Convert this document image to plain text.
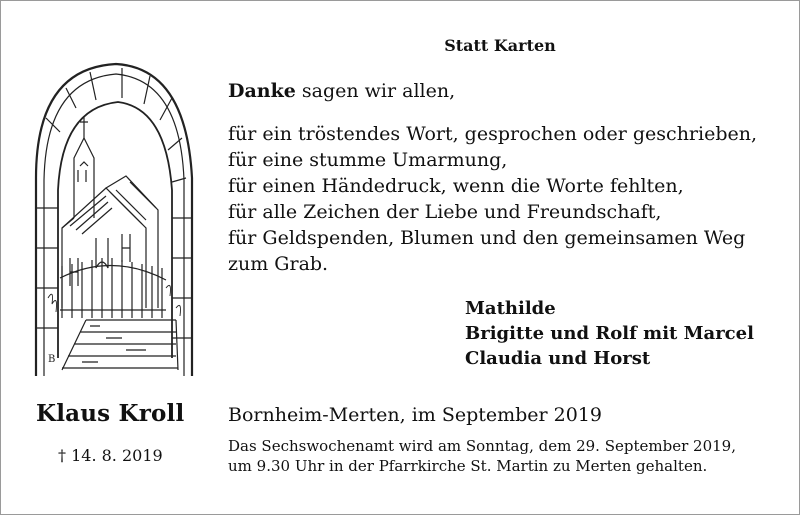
Statt Karten
B

Danke sagen wir allen,

für ein tröstendes Wort, gesprochen oder geschrieben,

für eine stumme Umarmung,

für einen Händedruck, wenn die Worte fehlten,

für alle Zeichen der Liebe und Freundschaft,

für Geldspenden, Blumen und den gemeinsamen Weg

zum Grab.

Mathilde
Brigitte und Rolf mit Marcel
Claudia und Horst
Klaus Kroll
† 14. 8. 2019
Bornheim-Merten, im September 2019

Das Sechswochenamt wird am Sonntag, dem 29. September 2019,

um 9.30 Uhr in der Pfarrkirche St. Martin zu Merten gehalten.
